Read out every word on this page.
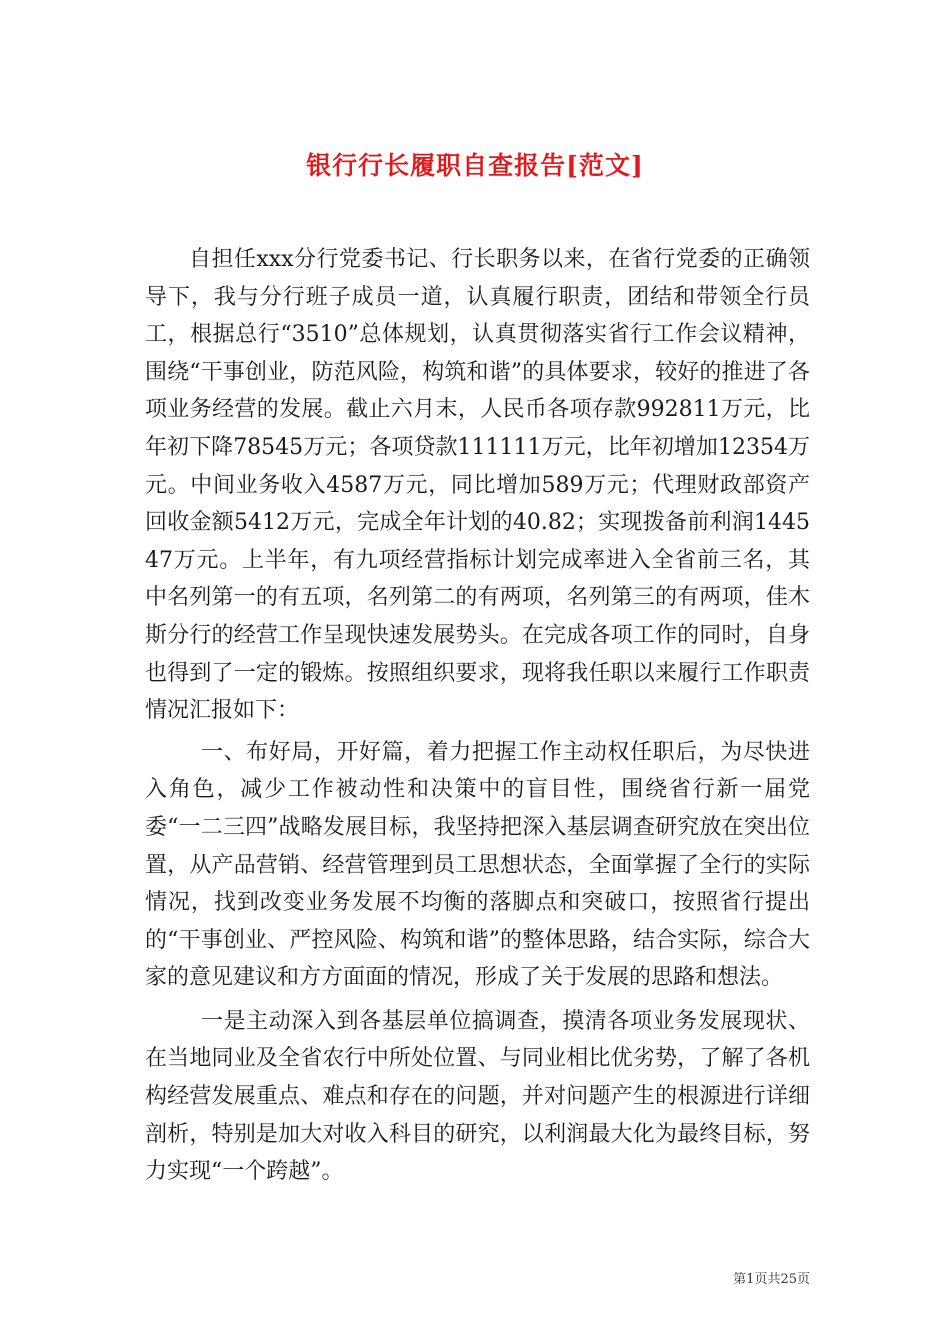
银行行长履职自查报告[范文]

自担任xxx分行党委书记、行长职务以来，在省行党委的正确领导下，我与分行班子成员一道，认真履行职责，团结和带领全行员工，根据总行“3510”总体规划，认真贯彻落实省行工作会议精神，围绕“干事创业，防范风险，构筑和谐”的具体要求，较好的推进了各项业务经营的发展。截止六月末，人民币各项存款992811万元，比年初下降78545万元；各项贷款111111万元，比年初增加12354万元。中间业务收入4587万元，同比增加589万元；代理财政部资产回收金额5412万元，完成全年计划的40.82；实现拨备前利润144547万元。上半年，有九项经营指标计划完成率进入全省前三名，其中名列第一的有五项，名列第二的有两项，名列第三的有两项，佳木斯分行的经营工作呈现快速发展势头。在完成各项工作的同时，自身也得到了一定的锻炼。按照组织要求，现将我任职以来履行工作职责情况汇报如下：

一、布好局，开好篇，着力把握工作主动权任职后，为尽快进入角色，减少工作被动性和决策中的盲目性，围绕省行新一届党委“一二三四”战略发展目标，我坚持把深入基层调查研究放在突出位置，从产品营销、经营管理到员工思想状态，全面掌握了全行的实际情况，找到改变业务发展不均衡的落脚点和突破口，按照省行提出的“干事创业、严控风险、构筑和谐”的整体思路，结合实际，综合大家的意见建议和方方面面的情况，形成了关于发展的思路和想法。

一是主动深入到各基层单位搞调查，摸清各项业务发展现状、在当地同业及全省农行中所处位置、与同业相比优劣势，了解了各机构经营发展重点、难点和存在的问题，并对问题产生的根源进行详细剖析，特别是加大对收入科目的研究，以利润最大化为最终目标，努力实现“一个跨越”。

第1页共25页
